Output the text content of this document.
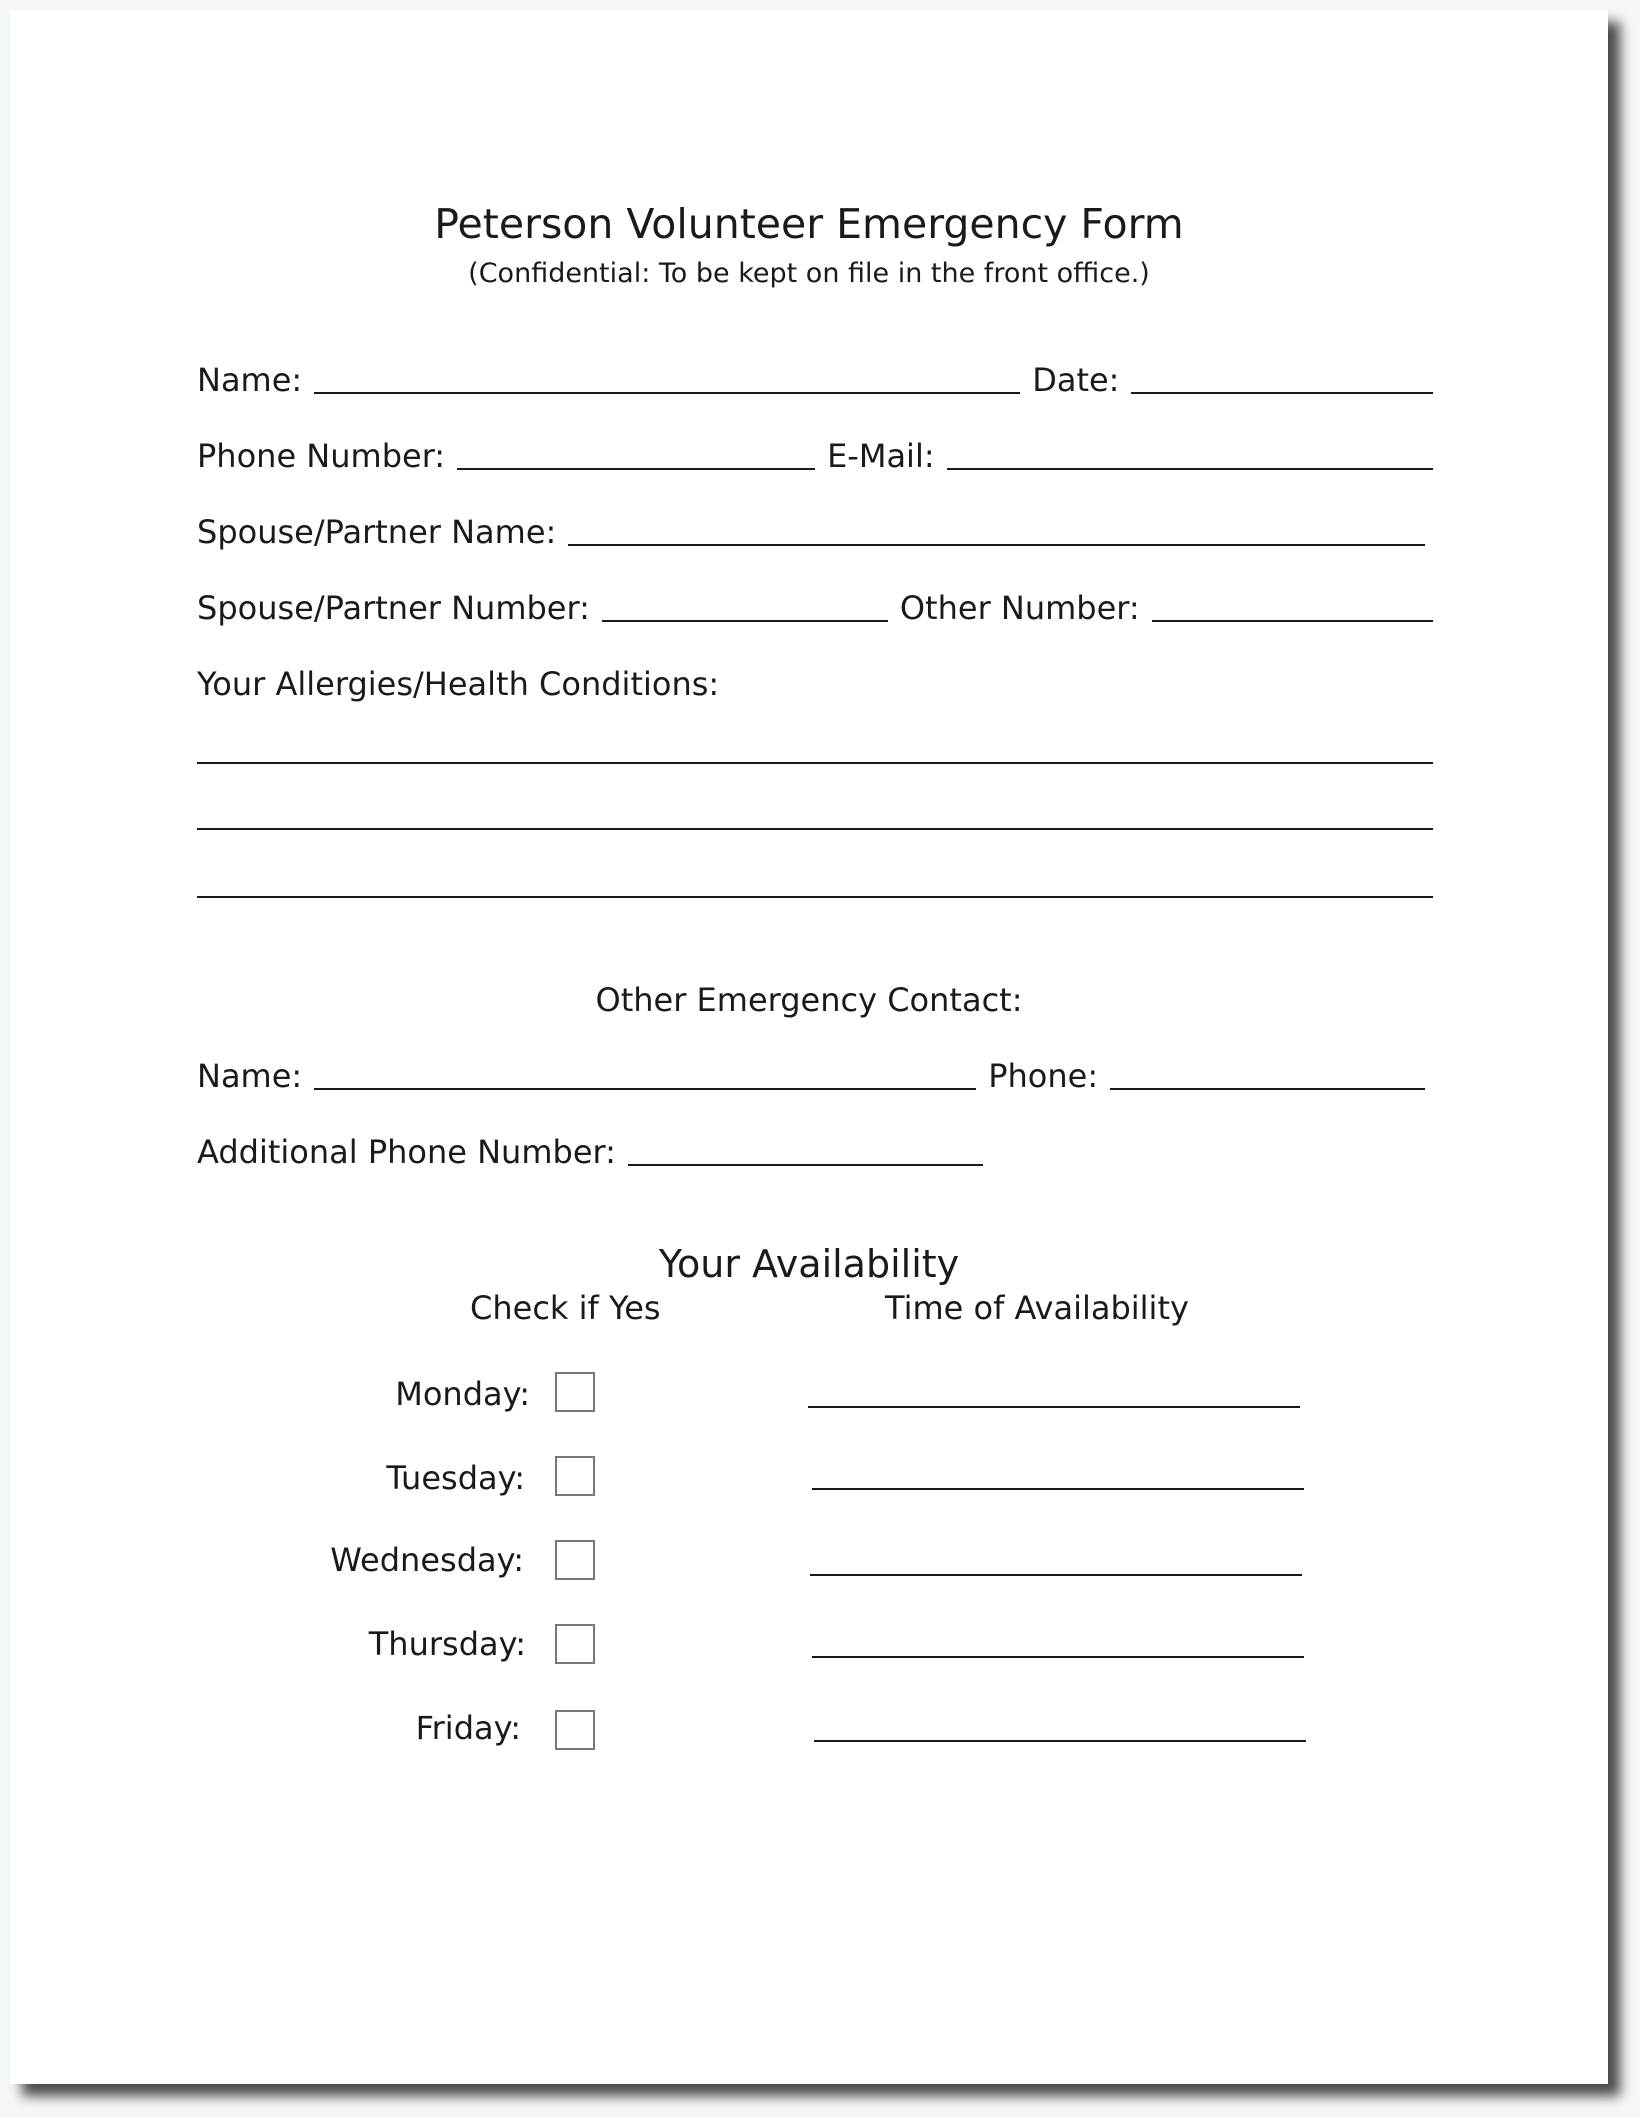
Peterson Volunteer Emergency Form
(Confidential: To be kept on file in the front office.)
Name:	Date:
Phone Number:	E-Mail:
Spouse/Partner Name:
Spouse/Partner Number:	Other Number:
Your Allergies/Health Conditions:
Other Emergency Contact:
Name:	Phone:
Additional Phone Number:
Your Availability
Check if Yes	Time of Availability
Monday:
Tuesday:
Wednesday:
Thursday:
Friday:
